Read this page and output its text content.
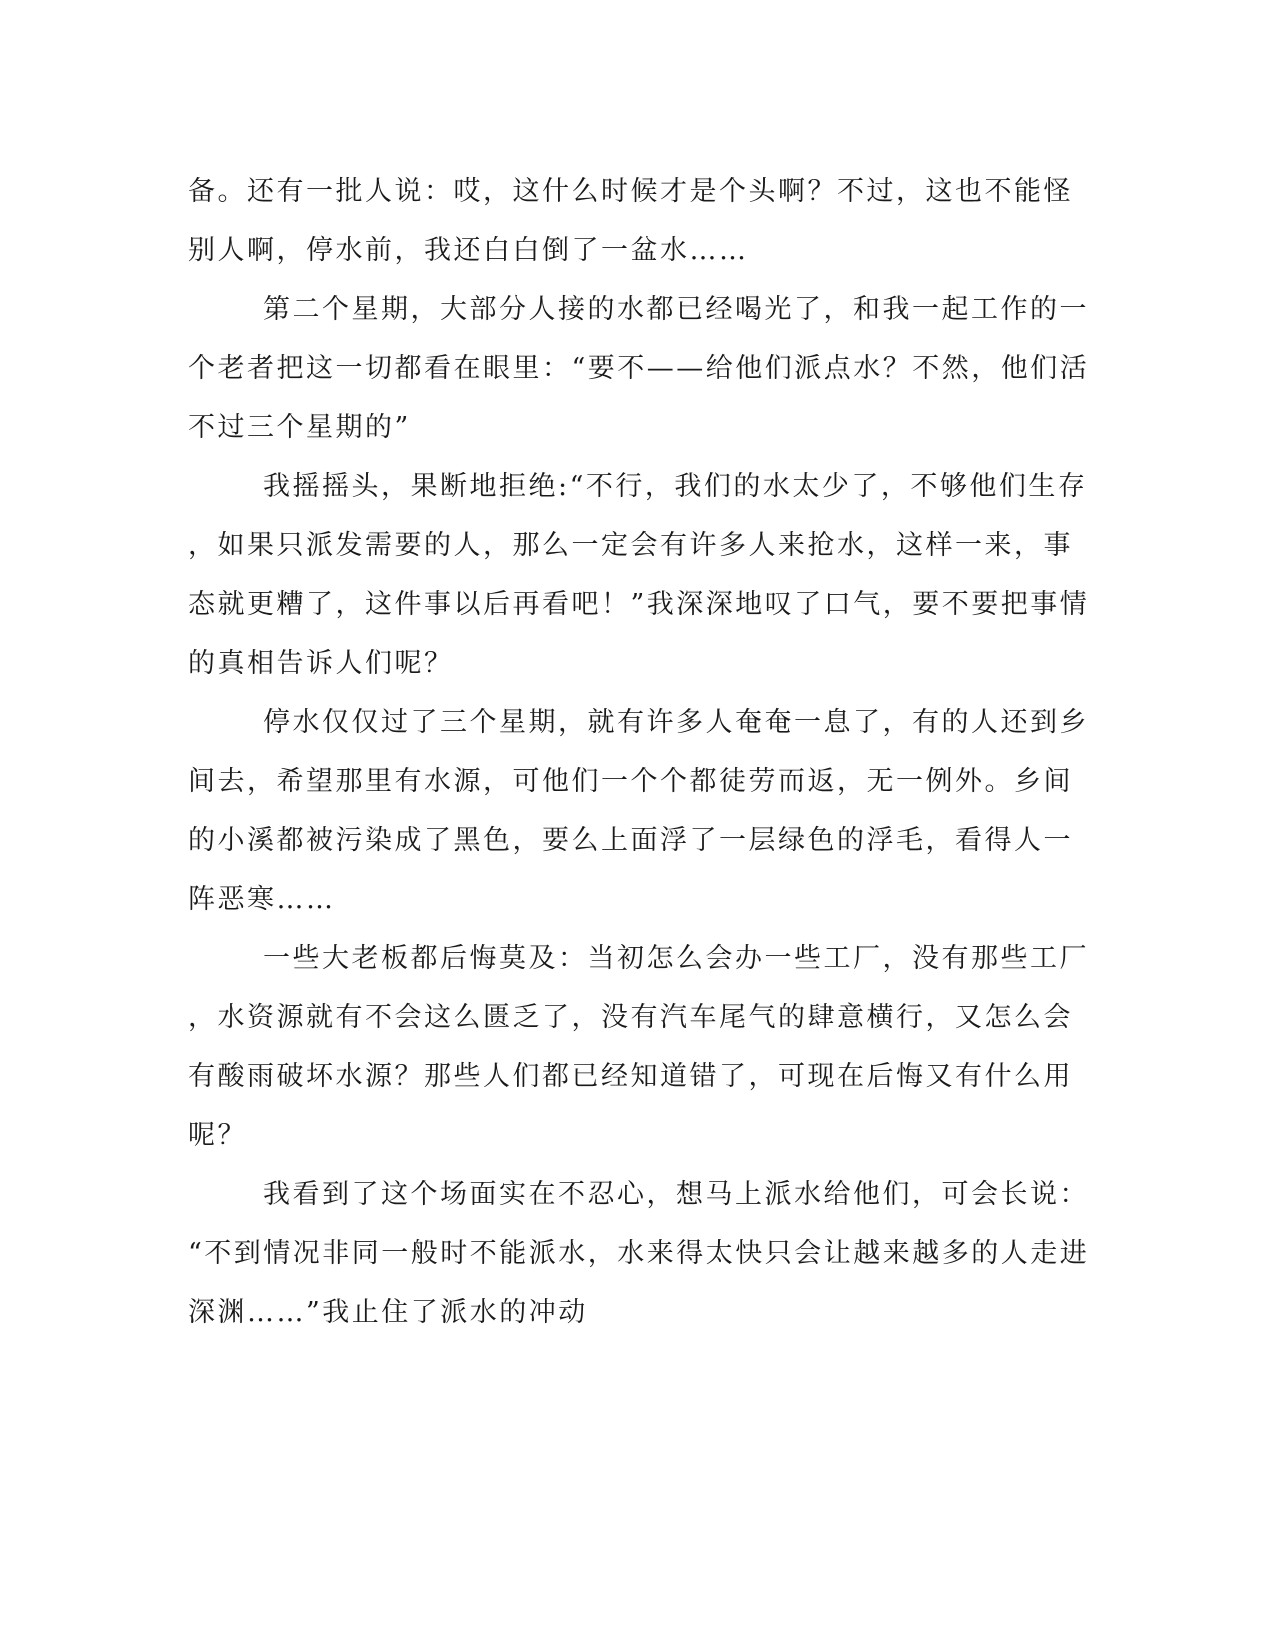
备。还有一批人说：哎，这什么时候才是个头啊？不过，这也不能怪
别人啊，停水前，我还白白倒了一盆水……
第二个星期，大部分人接的水都已经喝光了，和我一起工作的一
个老者把这一切都看在眼里：“要不——给他们派点水？不然，他们活
不过三个星期的”
我摇摇头，果断地拒绝:“不行，我们的水太少了，不够他们生存
，如果只派发需要的人，那么一定会有许多人来抢水，这样一来，事
态就更糟了，这件事以后再看吧！”我深深地叹了口气，要不要把事情
的真相告诉人们呢？
停水仅仅过了三个星期，就有许多人奄奄一息了，有的人还到乡
间去，希望那里有水源，可他们一个个都徒劳而返，无一例外。乡间
的小溪都被污染成了黑色，要么上面浮了一层绿色的浮毛，看得人一
阵恶寒……
一些大老板都后悔莫及：当初怎么会办一些工厂，没有那些工厂
，水资源就有不会这么匮乏了，没有汽车尾气的肆意横行，又怎么会
有酸雨破坏水源？那些人们都已经知道错了，可现在后悔又有什么用
呢？
我看到了这个场面实在不忍心，想马上派水给他们，可会长说：
“不到情况非同一般时不能派水，水来得太快只会让越来越多的人走进
深渊……”我止住了派水的冲动
